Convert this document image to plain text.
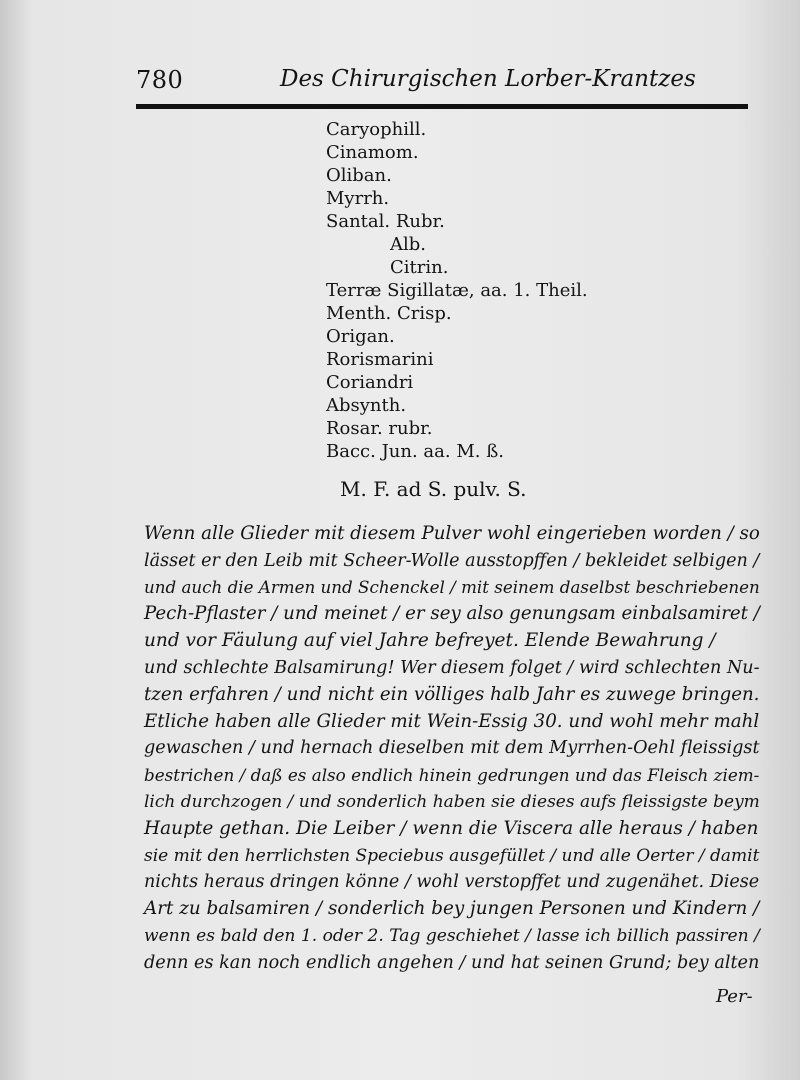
780	Des Chirurgischen Lorber-Krantzes
Caryophill.
Cinamom.
Oliban.
Myrrh.
Santal. Rubr.
Alb.
Citrin.
Terræ Sigillatæ, aa. 1. Theil.
Menth. Crisp.
Origan.
Rorismarini
Coriandri
Absynth.
Rosar. rubr.
Bacc. Jun. aa. M. ß.
M. F. ad S. pulv. S.
Wenn alle Glieder mit diesem Pulver wohl eingerieben worden / so
lässet er den Leib mit Scheer-Wolle ausstopffen / bekleidet selbigen /
und auch die Armen und Schenckel / mit seinem daselbst beschriebenen
Pech-Pflaster / und meinet / er sey also genungsam einbalsamiret /
und vor Fäulung auf viel Jahre befreyet. Elende Bewahrung /
und schlechte Balsamirung! Wer diesem folget / wird schlechten Nu-
tzen erfahren / und nicht ein völliges halb Jahr es zuwege bringen.
Etliche haben alle Glieder mit Wein-Essig 30. und wohl mehr mahl
gewaschen / und hernach dieselben mit dem Myrrhen-Oehl fleissigst
bestrichen / daß es also endlich hinein gedrungen und das Fleisch ziem-
lich durchzogen / und sonderlich haben sie dieses aufs fleissigste beym
Haupte gethan. Die Leiber / wenn die Viscera alle heraus / haben
sie mit den herrlichsten Speciebus ausgefüllet / und alle Oerter / damit
nichts heraus dringen könne / wohl verstopffet und zugenähet. Diese
Art zu balsamiren / sonderlich bey jungen Personen und Kindern /
wenn es bald den 1. oder 2. Tag geschiehet / lasse ich billich passiren /
denn es kan noch endlich angehen / und hat seinen Grund; bey alten
Per-
